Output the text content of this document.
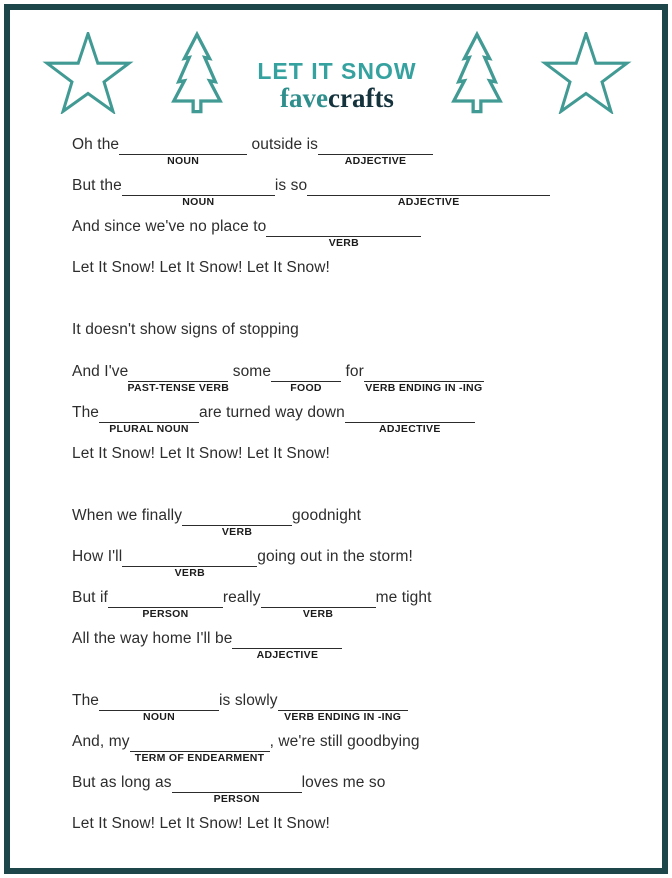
LET IT SNOW
favecrafts
Oh the
NOUN
outside is
ADJECTIVE
But the
NOUN
is so
ADJECTIVE
And since we've no place to
VERB
Let It Snow! Let It Snow! Let It Snow!
It doesn't show signs of stopping
And I've
PAST-TENSE VERB
some
FOOD
for
VERB ENDING IN -ING
The
PLURAL NOUN
are turned way down
ADJECTIVE
Let It Snow! Let It Snow! Let It Snow!
When we finally
VERB
goodnight
How I'll
VERB
going out in the storm!
But if
PERSON
really
VERB
me tight
All the way home I'll be
ADJECTIVE
The
NOUN
is slowly
VERB ENDING IN -ING
And, my
TERM OF ENDEARMENT
, we're still goodbying
But as long as
PERSON
loves me so
Let It Snow! Let It Snow! Let It Snow!
